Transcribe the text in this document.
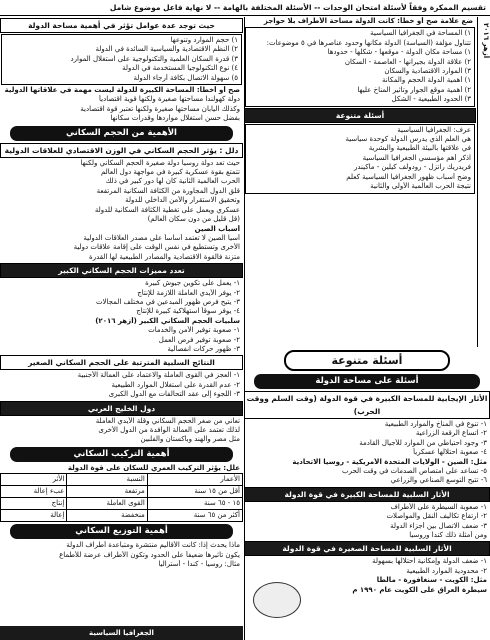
تقسيم الممكرة وفقاً لأسئلة امتحان الوحدات -- الأسئلة المختلفة بالهامة -- لا نهاية فاعل موضوع شامل
حيث توجد عدة عوامل تؤثر في أهمية مساحة الدولة
١) حجم الموارد وتنوعها
٢) النظم الاقتصادية والسياسية السائدة في الدولة
٣) قدرة السكان العلمية والتكنولوجية على استغلال الموارد
٤) نوع التكنولوجيا المستخدمة في الدولة
٥) سهولة الاتصال بكافة أرجاء الدولة
صح أو أخطأ: المساحة الكبيرة للدولة ليست مهمة في علاقاتها الدولية
دولة كهولندا مساحتها صغيرة ولكنها قوية اقتصادياً
وكذلك اليابان مساحتها صغيرة ولكنها تعتبر قوة اقتصادية
بفضل حسن استغلال مواردها وقدرات سكانها
الأهمية من الحجم السكاني
دلل : يؤثر الحجم السكاني في الوزن الاقتصادي للعلاقات الدولية
حيث تعد دولة روسيا دولة صغيرة الحجم السكاني ولكنها
تتمتع بقوة عسكرية كبيرة في مواجهة دول العالم
الحرب العالمية الثانية كان لها دور كبير في ذلك
قلق الدول المجاورة من الكثافة السكانية المرتفعة
وتحقيق الاستقرار والأمن الداخلي للدولة
عسكري ويعمل على تغطية الكثافة السكانية للدولة
(قل قليل من دون سكان العالم)
أسباب الصين
أسيا الصين لا تعتمد أساساً على مصدر العلاقات الدولية
الأخرى وتستطيع في نفس الوقت على إقامة علاقات دولية
متزنة فالقوة الاقتصادية والمصادر الطبيعية لها القدرة
تعدد مميزات الحجم السكاني الكبير
١- يعمل على تكوين جيوش كبيرة
٢- يوفر الأيدي العاملة اللازمة للإنتاج
٣- يتيح فرص ظهور المبدعين في مختلف المجالات
٤- يوفر سوقاً استهلاكية كبيرة للإنتاج
سلبيات الحجم السكاني الكبير (أزهر ٢٠١٦)
١- صعوبة توفير الأمن والخدمات
٢- صعوبة توفير فرص العمل
٣- ظهور حركات انفصالية
النتائج السلبية المترتبة على الحجم السكاني الصغير
١- العجز في القوى العاملة والاعتماد على العمالة الأجنبية
٢- عدم القدرة على استغلال الموارد الطبيعية
٣- اللجوء إلى عقد التحالفات مع الدول الكبرى
دول الخليج العربي
تعاني من صغر الحجم السكاني وقلة الأيدي العاملة
لذلك تعتمد على العمالة الوافدة من الدول الأخرى
مثل مصر والهند وباكستان والفلبين
أهمية التركيب السكاني
علل: يؤثر التركيب العمري للسكان على قوة الدولة
الأعمار	النسبة	الأثر
أقل من ١٥ سنة	مرتفعة	عبء إعالة
١٥ - ٦٥ سنة	القوى العاملة	إنتاج
أكثر من ٦٥ سنة	منخفضة	إعالة
أهمية التوزيع السكاني
ماذا يحدث إذا: كانت الأقاليم منتشرة ومتباعدة أطراف الدولة
يكون تأثيرها ضعيفاً على الحدود وتكون الأطراف عرضة للأطماع
مثال: روسيا - كندا - أستراليا
الجغرافيا السياسية
أزهر ٢٠١٦
ضع علامة صح أو خطأ: كانت الدولة مساحة الأطراف بلا حواجز
١) المساحة في الجغرافيا السياسية
تتناول مؤلفة (السياسة) الدولة مكانها وحدود عناصرها في ٥ موضوعات:
١) مساحة مكان الدولة - موقعها - شكلها - حدودها
٢) علاقة الدولة بجيرانها - العاصمة - السكان
٣) الموارد الاقتصادية والسكان
١) أهمية الدولة الحجم والمكانة
٢) أهمية موقع الجوار وتأثير المناخ عليها
٣) الحدود الطبيعية - الشكل
أسئلة متنوعة
عرف: الجغرافيا السياسية
هي العلم الذي يدرس الدولة كوحدة سياسية
في علاقتها بالبيئة الطبيعية والبشرية
اذكر أهم مؤسسي الجغرافيا السياسية
فريدريك راتزل - رودولف كيلين - ماكيندر
وضح أسباب ظهور الجغرافيا السياسية كعلم
نتيجة الحرب العالمية الأولى والثانية
أسئلة متنوعة
أسئلة على مساحة الدولة
الأثار الإيجابية للمساحة الكبيرة في قوة الدولة (وقت السلم ووقت الحرب)
١- تنوع في المناخ والموارد الطبيعية
٢- اتساع الرقعة الزراعية
٣- وجود احتياطي من الموارد للأجيال القادمة
٤- صعوبة احتلالها عسكرياً
مثل: الصين - الولايات المتحدة الأمريكية - روسيا الاتحادية
٥- تساعد على امتصاص الصدمات في وقت الحرب
٦- تتيح التوسع الصناعي والزراعي
الأثار السلبية للمساحة الكبيرة في قوة الدولة
١- صعوبة السيطرة على الأطراف
٢- ارتفاع تكاليف النقل والمواصلات
٣- ضعف الاتصال بين أجزاء الدولة
ومن أمثلة ذلك كندا وروسيا
الأثار السلبية للمساحة الصغيرة في قوة الدولة
١- ضعف الدولة وإمكانية احتلالها بسهولة
٢- محدودية الموارد الطبيعية
مثل: الكويت - سنغافورة - مالطا
سيطرة العراق على الكويت عام ١٩٩٠ م
